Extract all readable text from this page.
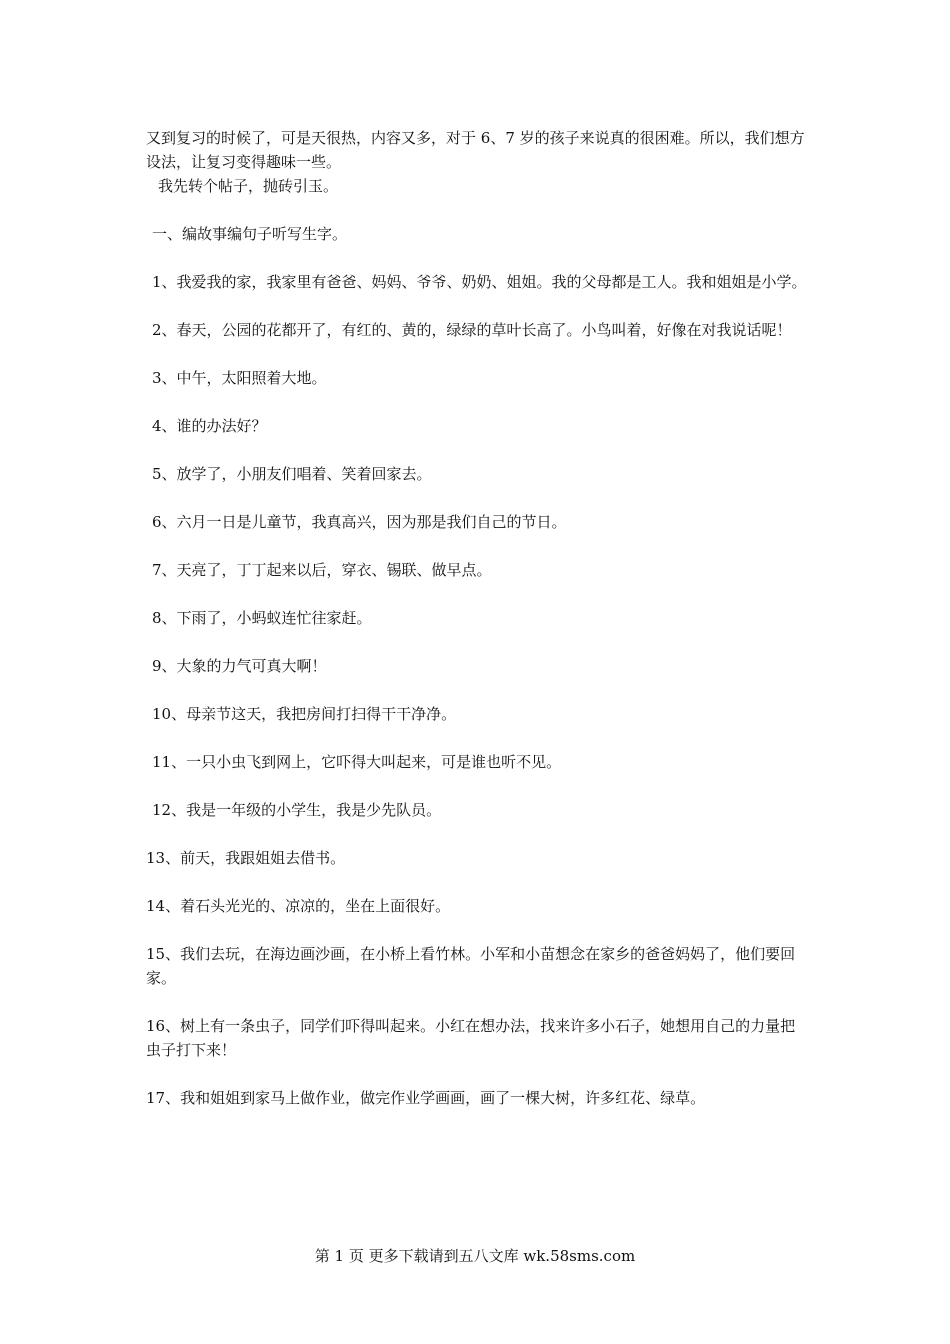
又到复习的时候了，可是天很热，内容又多，对于 6、7 岁的孩子来说真的很困难。所以，我们想方设法，让复习变得趣味一些。

我先转个帖子，抛砖引玉。

一、编故事编句子听写生字。

1、我爱我的家，我家里有爸爸、妈妈、爷爷、奶奶、姐姐。我的父母都是工人。我和姐姐是小学。

2、春天，公园的花都开了，有红的、黄的，绿绿的草叶长高了。小鸟叫着，好像在对我说话呢！

3、中午，太阳照着大地。

4、谁的办法好？

5、放学了，小朋友们唱着、笑着回家去。

6、六月一日是儿童节，我真高兴，因为那是我们自己的节日。

7、天亮了，丁丁起来以后，穿衣、锡联、做早点。

8、下雨了，小蚂蚁连忙往家赶。

9、大象的力气可真大啊！

10、母亲节这天，我把房间打扫得干干净净。

11、一只小虫飞到网上，它吓得大叫起来，可是谁也听不见。

12、我是一年级的小学生，我是少先队员。

13、前天，我跟姐姐去借书。

14、着石头光光的、凉凉的，坐在上面很好。

15、我们去玩，在海边画沙画，在小桥上看竹林。小军和小苗想念在家乡的爸爸妈妈了，他们要回家。

16、树上有一条虫子，同学们吓得叫起来。小红在想办法，找来许多小石子，她想用自己的力量把虫子打下来！

17、我和姐姐到家马上做作业，做完作业学画画，画了一棵大树，许多红花、绿草。

第 1 页 更多下载请到五八文库 wk.58sms.com
